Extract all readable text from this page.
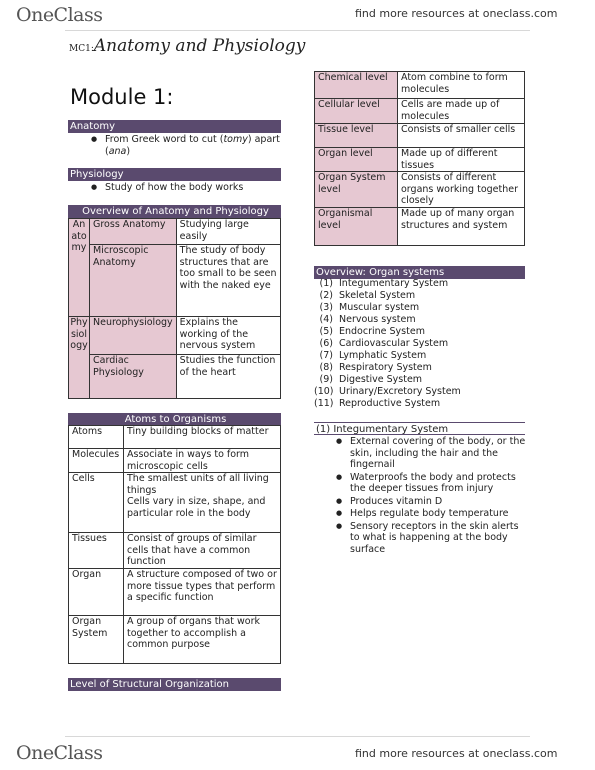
OneClass	find more resources at oneclass.com
MC1:Anatomy and Physiology
Module 1:
Anatomy
● From Greek word to cut (tomy) apart (ana)
Physiology
● Study of how the body works
Overview of Anatomy and Physiology
Anatomy	Gross Anatomy	Studying large easily
	Microscopic Anatomy	The study of body structures that are too small to be seen with the naked eye
Physiology	Neurophysiology	Explains the working of the nervous system
	Cardiac Physiology	Studies the function of the heart
Atoms to Organisms
Atoms	Tiny building blocks of matter
Molecules	Associate in ways to form microscopic cells
Cells	The smallest units of all living things
Cells vary in size, shape, and particular role in the body

Tissues	Consist of groups of similar cells that have a common function
Organ	A structure composed of two or more tissue types that perform a specific function
Organ System	A group of organs that work together to accomplish a common purpose
Level of Structural Organization
Chemical level	Atom combine to form molecules
Cellular level	Cells are made up of molecules
Tissue level	Consists of smaller cells
Organ level	Made up of different tissues
Organ System level	Consists of different organs working together closely
Organismal level	Made up of many organ structures and system
Overview: Organ systems
(1) Integumentary System
(2) Skeletal System
(3) Muscular system
(4) Nervous system
(5) Endocrine System
(6) Cardiovascular System
(7) Lymphatic System
(8) Respiratory System
(9) Digestive System
(10) Urinary/Excretory System
(11) Reproductive System
(1) Integumentary System
● External covering of the body, or the skin, including the hair and the fingernail
● Waterproofs the body and protects the deeper tissues from injury
● Produces vitamin D
● Helps regulate body temperature
● Sensory receptors in the skin alerts to what is happening at the body surface
OneClass	find more resources at oneclass.com
